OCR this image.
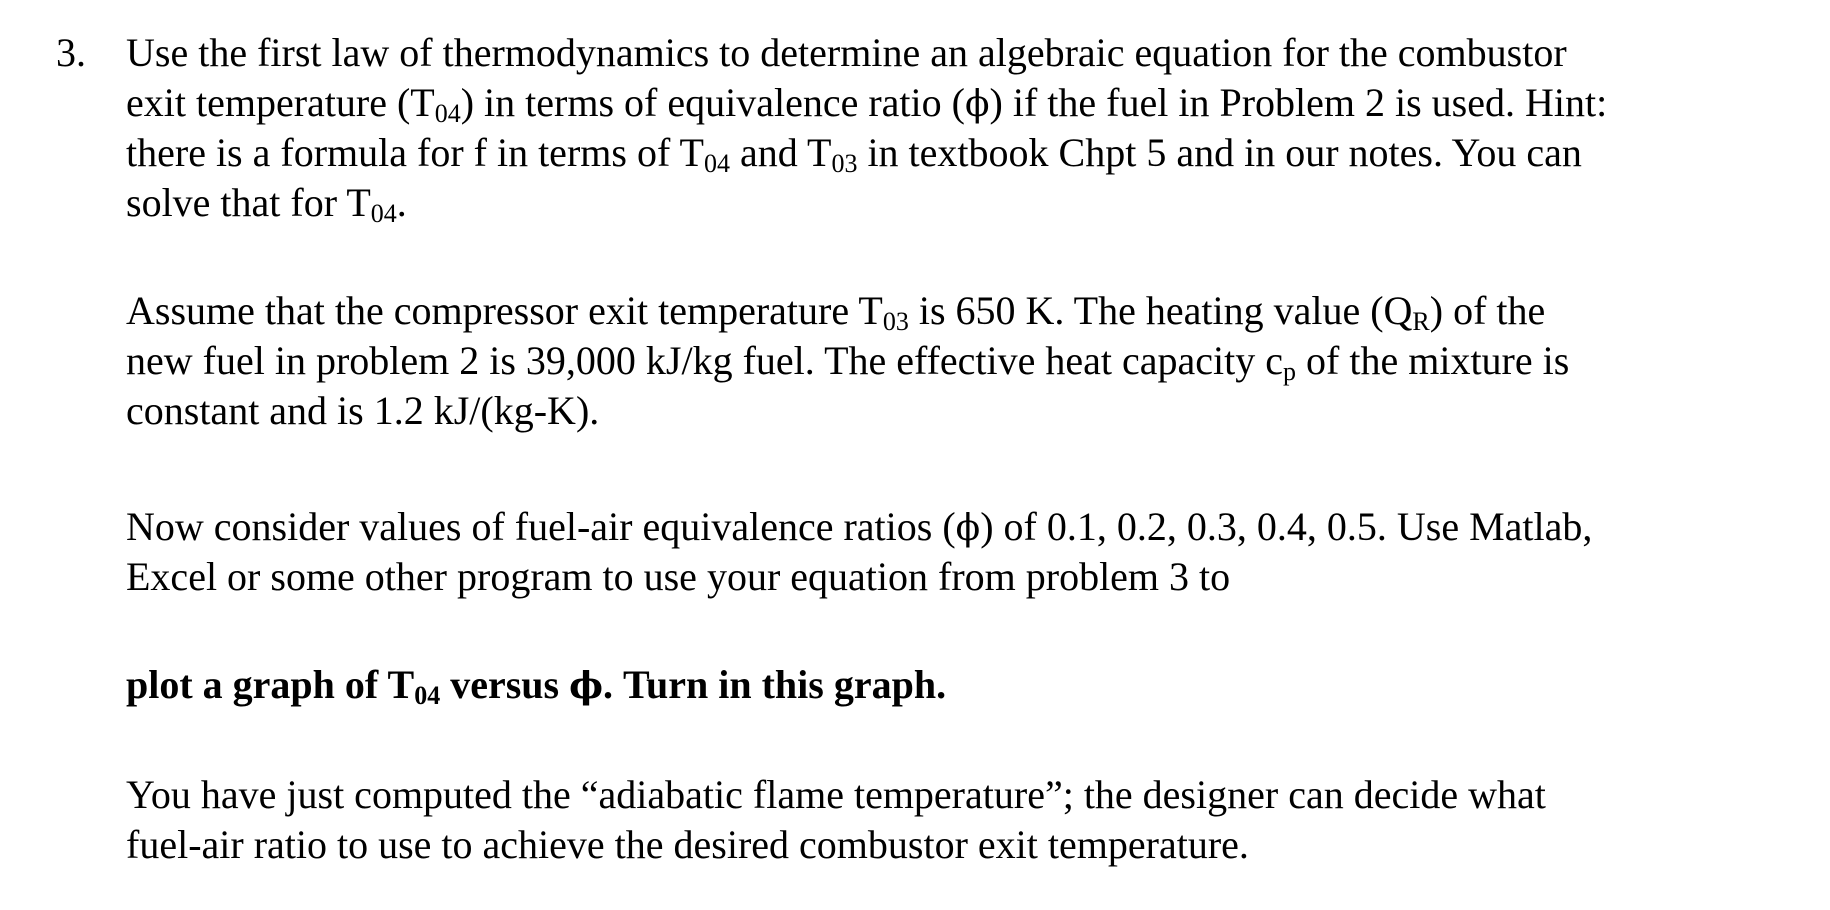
3. Use the first law of thermodynamics to determine an algebraic equation for the combustor
exit temperature $(T_{04})$ in terms of equivalence ratio (ϕ) if the fuel in Problem 2 is used. Hint:
there is a formula for f in terms of $T_{04}$ and $T_{03}$ in textbook Chpt 5 and in our notes. You can
solve that for $T_{04}$.

Assume that the compressor exit temperature $T_{03}$ is 650 K. The heating value $(Q_R)$ of the
new fuel in problem 2 is 39,000 kJ/kg fuel. The effective heat capacity $c_p$ of the mixture is
constant and is 1.2 kJ/(kg-K).

Now consider values of fuel-air equivalence ratios (ϕ) of 0.1, 0.2, 0.3, 0.4, 0.5. Use Matlab,
Excel or some other program to use your equation from problem 3 to

plot a graph of $T_{04}$ versus ϕ. Turn in this graph.

You have just computed the “adiabatic flame temperature”; the designer can decide what
fuel-air ratio to use to achieve the desired combustor exit temperature.
